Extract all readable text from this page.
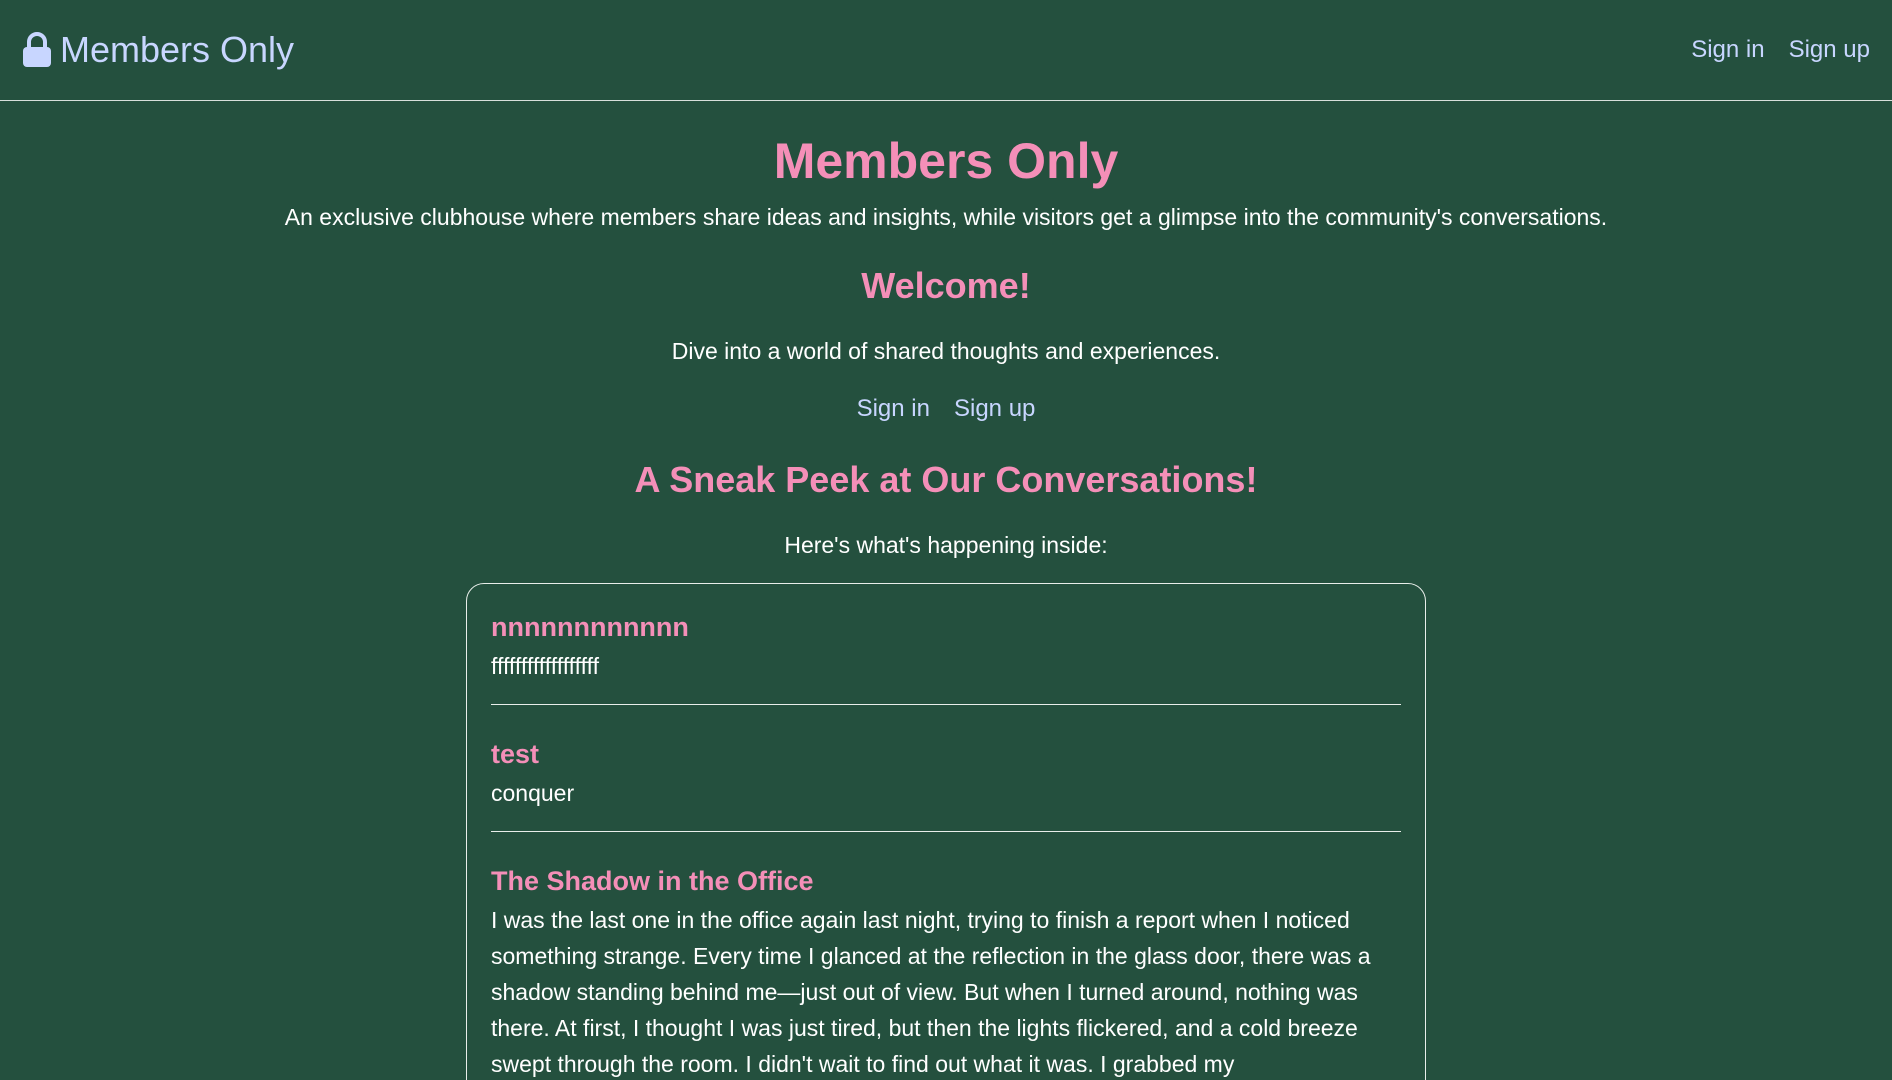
Members Only	Sign in Sign up
Members Only

An exclusive clubhouse where members share ideas and insights, while visitors get a glimpse into the community's conversations.

Welcome!

Dive into a world of shared thoughts and experiences.

Sign in Sign up
A Sneak Peek at Our Conversations!

Here's what's happening inside:

nnnnnnnnnnnn

ffffffffffffffffff

test

conquer

The Shadow in the Office

I was the last one in the office again last night, trying to finish a report when I noticed something strange. Every time I glanced at the reflection in the glass door, there was a shadow standing behind me—just out of view. But when I turned around, nothing was there. At first, I thought I was just tired, but then the lights flickered, and a cold breeze swept through the room. I didn't wait to find out what it was. I grabbed my
